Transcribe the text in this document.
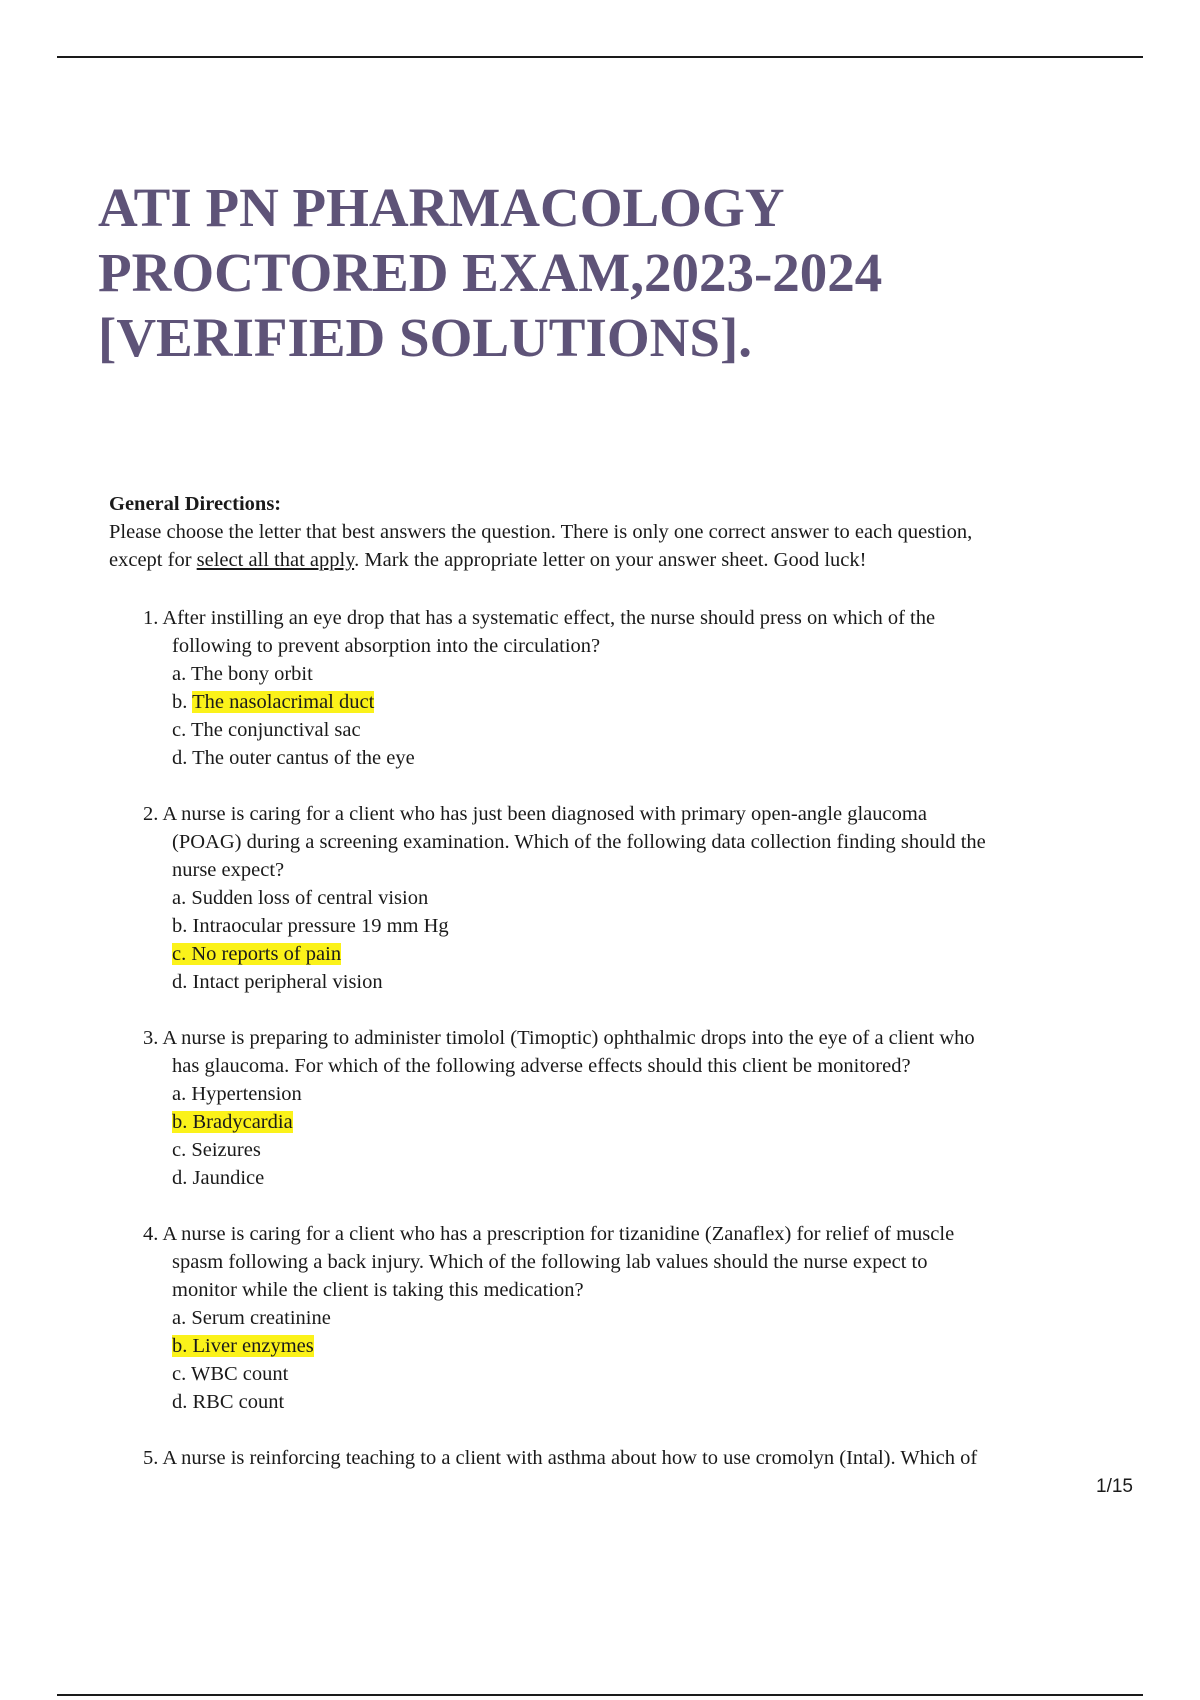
ATI PN PHARMACOLOGY
PROCTORED EXAM,2023-2024
[VERIFIED SOLUTIONS].

General Directions:

Please choose the letter that best answers the question. There is only one correct answer to each question,
except for select all that apply. Mark the appropriate letter on your answer sheet. Good luck!

1. After instilling an eye drop that has a systematic effect, the nurse should press on which of the
following to prevent absorption into the circulation?
a. The bony orbit
b. The nasolacrimal duct
c. The conjunctival sac
d. The outer cantus of the eye
2. A nurse is caring for a client who has just been diagnosed with primary open-angle glaucoma
(POAG) during a screening examination. Which of the following data collection finding should the
nurse expect?
a. Sudden loss of central vision
b. Intraocular pressure 19 mm Hg
c. No reports of pain
d. Intact peripheral vision
3. A nurse is preparing to administer timolol (Timoptic) ophthalmic drops into the eye of a client who
has glaucoma. For which of the following adverse effects should this client be monitored?
a. Hypertension
b. Bradycardia
c. Seizures
d. Jaundice
4. A nurse is caring for a client who has a prescription for tizanidine (Zanaflex) for relief of muscle
spasm following a back injury. Which of the following lab values should the nurse expect to
monitor while the client is taking this medication?
a. Serum creatinine
b. Liver enzymes
c. WBC count
d. RBC count
5. A nurse is reinforcing teaching to a client with asthma about how to use cromolyn (Intal). Which of
1/15
